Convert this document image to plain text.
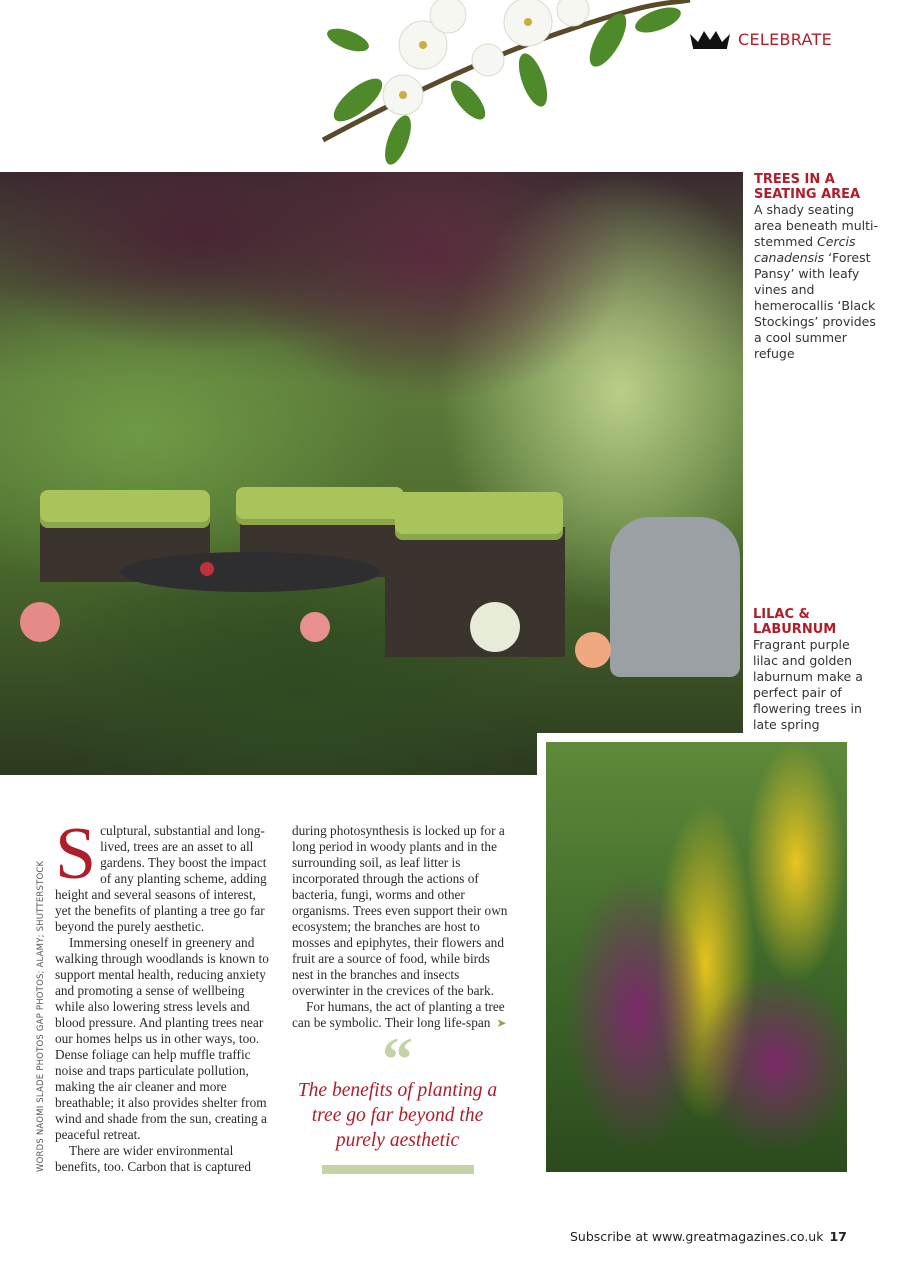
CELEBRATE
TREES IN A SEATING AREA

A shady seating area beneath multi-stemmed Cercis canadensis ‘Forest Pansy’ with leafy vines and hemerocallis ‘Black Stockings’ provides a cool summer refuge

LILAC & LABURNUM

Fragrant purple lilac and golden laburnum make a perfect pair of flowering trees in late spring

WORDS NAOMI SLADE PHOTOS GAP PHOTOS; ALAMY; SHUTTERSTOCK

Sculptural, substantial and long-lived, trees are an asset to all gardens. They boost the impact of any planting scheme, adding height and several seasons of interest, yet the benefits of planting a tree go far beyond the purely aesthetic.

Immersing oneself in greenery and walking through woodlands is known to support mental health, reducing anxiety and promoting a sense of wellbeing while also lowering stress levels and blood pressure. And planting trees near our homes helps us in other ways, too. Dense foliage can help muffle traffic noise and traps particulate pollution, making the air cleaner and more breathable; it also provides shelter from wind and shade from the sun, creating a peaceful retreat.

There are wider environmental benefits, too. Carbon that is captured

during photosynthesis is locked up for a long period in woody plants and in the surrounding soil, as leaf litter is incorporated through the actions of bacteria, fungi, worms and other organisms. Trees even support their own ecosystem; the branches are host to mosses and epiphytes, their flowers and fruit are a source of food, while birds nest in the branches and insects overwinter in the crevices of the bark.

For humans, the act of planting a tree can be symbolic. Their long life-span ➤

“
The benefits of planting a tree go far beyond the purely aesthetic
Subscribe at www.greatmagazines.co.uk 17
